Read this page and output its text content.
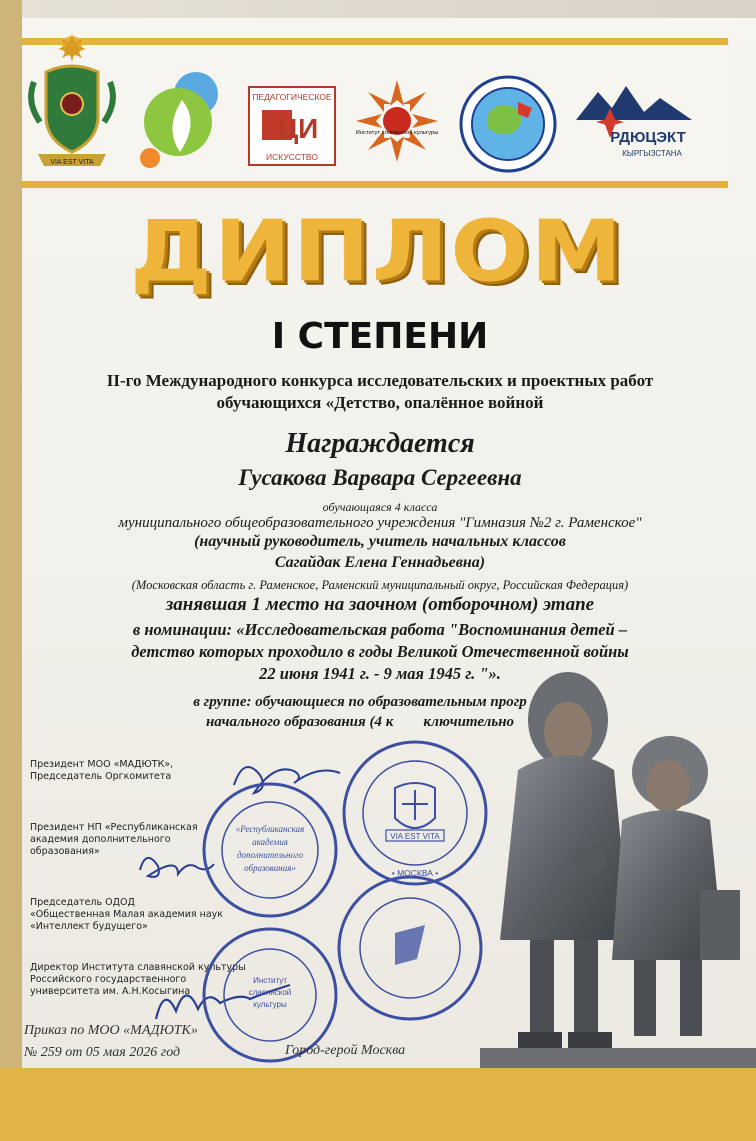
VIA EST VITA
ПЕДАГОГИЧЕСКОЕ
ЦИ
ИСКУССТВО
Институт славянской культуры	РДЮЦЭКТ
КЫРГЫЗСТАНА
ДИПЛОМ
I СТЕПЕНИ
II-го Международного конкурса исследовательских и проектных работ
обучающихся «Детство, опалённое войной
Награждается
Гусакова Варвара Сергеевна
обучающаяся 4 класса
муниципального общеобразовательного учреждения "Гимназия №2 г. Раменское"
(научный руководитель, учитель начальных классов
Сагайдак Елена Геннадьевна)
(Московская область г. Раменское, Раменский муниципальный округ, Российская Федерация)
занявшая 1 место на заочном (отборочном) этапе
в номинации: «Исследовательская работа "Воспоминания детей –
детство которых проходило в годы Великой Отечественной войны
22 июня 1941 г. - 9 мая 1945 г. "».
в группе: обучающиеся по образовательным прогр
начального образования (4 к ключительно
Президент МОО «МАДЮТК»,
Председатель Оргкомитета
Президент НП «Республиканская
академия дополнительного
образования»
Председатель ОДОД
«Общественная Малая академия наук
«Интеллект будущего»
Директор Института славянской культуры
Российского государственного
университета им. А.Н.Косыгина
«Республиканская
академия
дополнительного
образования»
VIA EST VITA
• МОСКВА •
Институт
славянской
культуры
Приказ по МОО «МАДЮТК»
№ 259 от 05 мая 2026 год	Город-герой Москва
